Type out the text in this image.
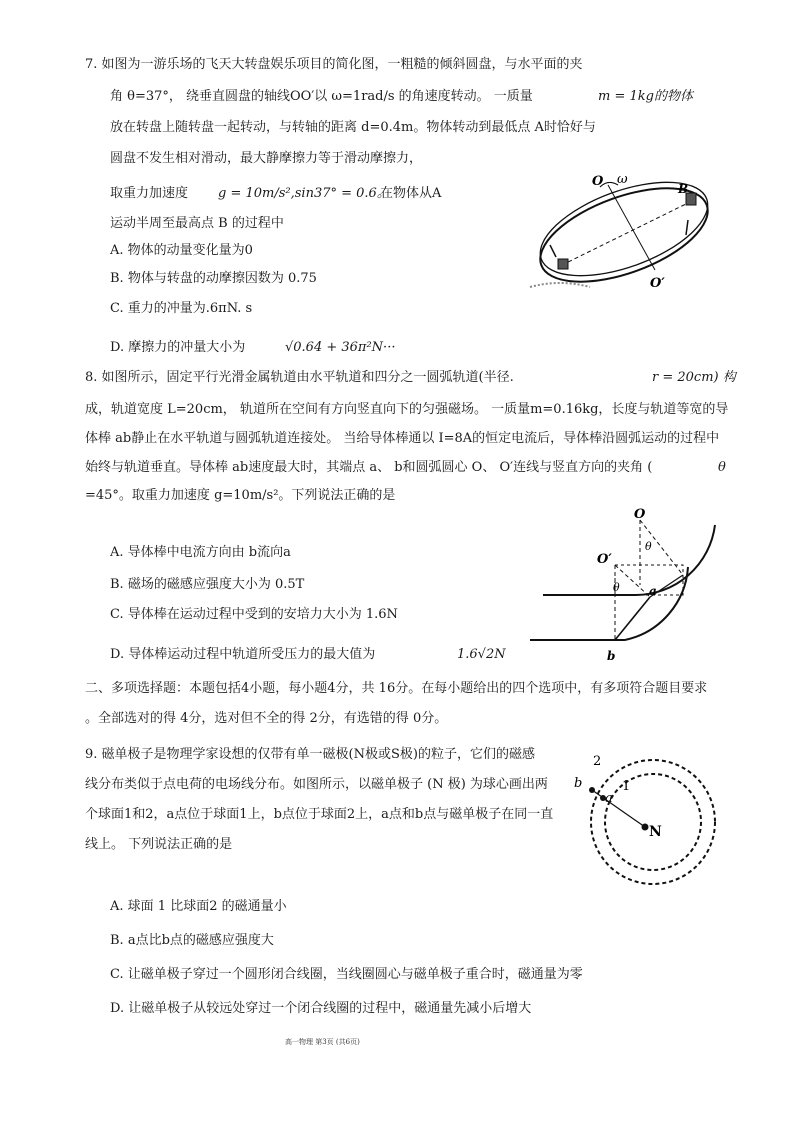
7. 如图为一游乐场的飞天大转盘娱乐项目的简化图，一粗糙的倾斜圆盘，与水平面的夹
角 θ=37°， 绕垂直圆盘的轴线OO′以 ω=1rad/s 的角速度转动。 一质量	m = 1kg的物体
放在转盘上随转盘一起转动，与转轴的距离 d=0.4m。物体转动到最低点 A时恰好与
圆盘不发生相对滑动，最大静摩擦力等于滑动摩擦力，
取重力加速度 g = 10m/s²,sin37° = 0.6。
在物体从A
运动半周至最高点 B 的过程中
A. 物体的动量变化量为0
B. 物体与转盘的动摩擦因数为 0.75
C. 重力的冲量为.6πN. s
D. 摩擦力的冲量大小为	√0.64 + 36π²N···
O ω
B
O′
8. 如图所示，固定平行光滑金属轨道由水平轨道和四分之一圆弧轨道(半径.	r = 20cm) 构
成，轨道宽度 L=20cm， 轨道所在空间有方向竖直向下的匀强磁场。 一质量m=0.16kg，长度与轨道等宽的导
体棒 ab静止在水平轨道与圆弧轨道连接处。 当给导体棒通以 I=8A的恒定电流后，导体棒沿圆弧运动的过程中
始终与轨道垂直。导体棒 ab速度最大时，其端点 a、 b和圆弧圆心 O、 O′连线与竖直方向的夹角 (	θ
=45°。取重力加速度 g=10m/s²。下列说法正确的是
A. 导体棒中电流方向由 b流向a
B. 磁场的磁感应强度大小为 0.5T
C. 导体棒在运动过程中受到的安培力大小为 1.6N
D. 导体棒运动过程中轨道所受压力的最大值为	1.6√2N
O
θ
O′
θ a
b
二、多项选择题：本题包括4小题，每小题4分，共 16分。在每小题给出的四个选项中，有多项符合题目要求
。全部选对的得 4分，选对但不全的得 2分，有选错的得 0分。
9. 磁单极子是物理学家设想的仅带有单一磁极(N极或S极)的粒子，它们的磁感
线分布类似于点电荷的电场线分布。如图所示，以磁单极子 (N 极) 为球心画出两
个球面1和2，a点位于球面1上，b点位于球面2上，a点和b点与磁单极子在同一直
线上。 下列说法正确的是
A. 球面 1 比球面2 的磁通量小
B. a点比b点的磁感应强度大
C. 让磁单极子穿过一个圆形闭合线圈，当线圈圆心与磁单极子重合时，磁通量为零
D. 让磁单极子从较远处穿过一个闭合线圈的过程中，磁通量先减小后增大
2
b	1
a
N
高一物理 第3页 (共6页)
